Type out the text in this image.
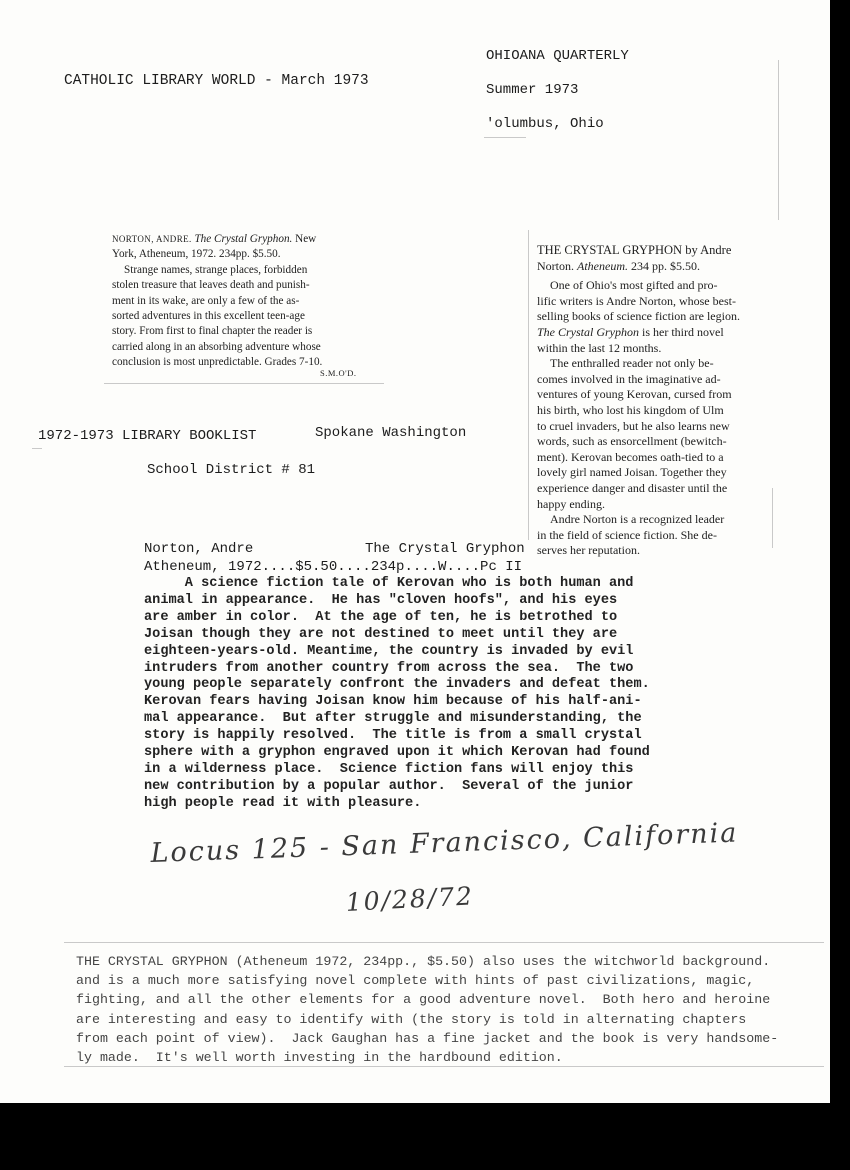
CATHOLIC LIBRARY WORLD - March 1973
OHIOANA QUARTERLY
Summer 1973
'olumbus, Ohio
NORTON, ANDRE. The Crystal Gryphon. New
York, Atheneum, 1972. 234pp. $5.50.
Strange names, strange places, forbidden
stolen treasure that leaves death and punish-
ment in its wake, are only a few of the as-
sorted adventures in this excellent teen-age
story. From first to final chapter the reader is
carried along in an absorbing adventure whose
conclusion is most unpredictable. Grades 7-10.
S.M.O'D.
THE CRYSTAL GRYPHON by Andre
Norton. Atheneum. 234 pp. $5.50.
One of Ohio's most gifted and pro-
lific writers is Andre Norton, whose best-
selling books of science fiction are legion.
The Crystal Gryphon is her third novel
within the last 12 months.
The enthralled reader not only be-
comes involved in the imaginative ad-
ventures of young Kerovan, cursed from
his birth, who lost his kingdom of Ulm
to cruel invaders, but he also learns new
words, such as ensorcellment (bewitch-
ment). Kerovan becomes oath-tied to a
lovely girl named Joisan. Together they
experience danger and disaster until the
happy ending.
Andre Norton is a recognized leader
in the field of science fiction. She de-
serves her reputation.
1972-1973 LIBRARY BOOKLIST	Spokane Washington
School District # 81
Norton, Andre	The Crystal Gryphon
Atheneum, 1972....$5.50....234p....W....Pc II
A science fiction tale of Kerovan who is both human and
animal in appearance.  He has "cloven hoofs", and his eyes
are amber in color.  At the age of ten, he is betrothed to
Joisan though they are not destined to meet until they are
eighteen-years-old. Meantime, the country is invaded by evil
intruders from another country from across the sea.  The two
young people separately confront the invaders and defeat them.
Kerovan fears having Joisan know him because of his half-ani-
mal appearance.  But after struggle and misunderstanding, the
story is happily resolved.  The title is from a small crystal
sphere with a gryphon engraved upon it which Kerovan had found
in a wilderness place.  Science fiction fans will enjoy this
new contribution by a popular author.  Several of the junior
high people read it with pleasure.
Locus 125 - San Francisco, California
10/28/72
THE CRYSTAL GRYPHON (Atheneum 1972, 234pp., $5.50) also uses the witchworld background.
and is a much more satisfying novel complete with hints of past civilizations, magic,
fighting, and all the other elements for a good adventure novel.  Both hero and heroine
are interesting and easy to identify with (the story is told in alternating chapters
from each point of view).  Jack Gaughan has a fine jacket and the book is very handsome-
ly made.  It's well worth investing in the hardbound edition.
